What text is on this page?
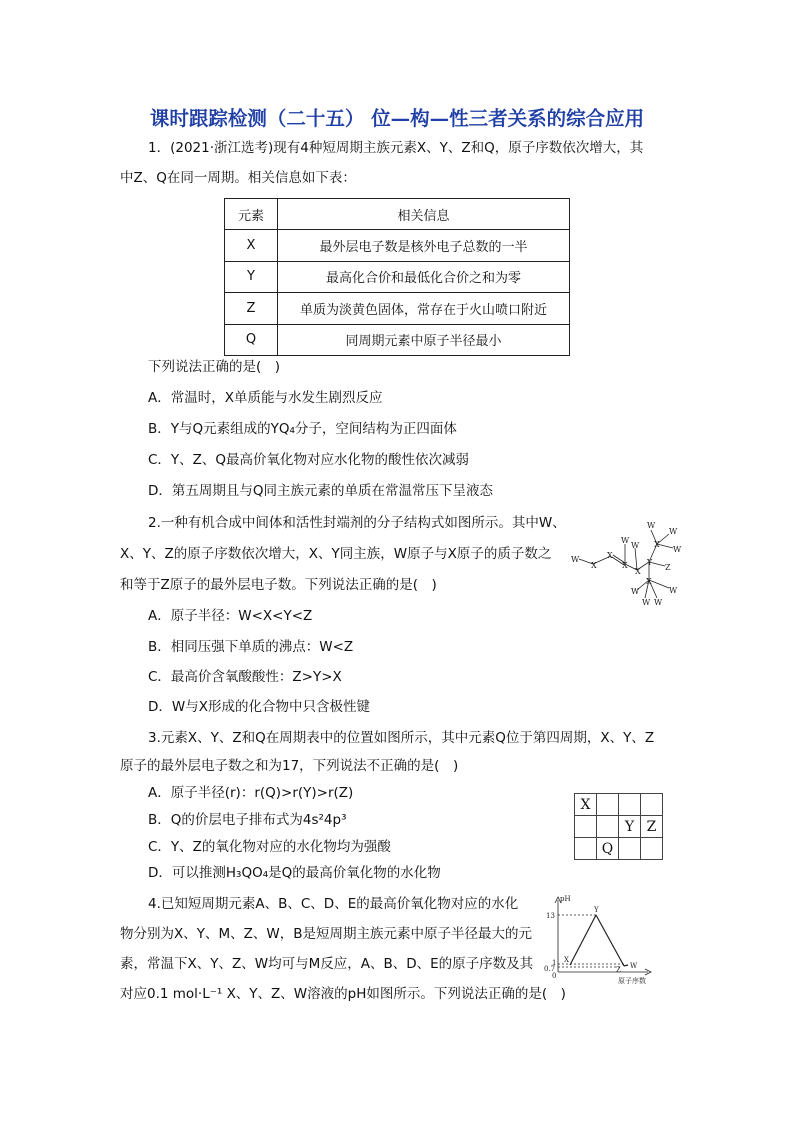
课时跟踪检测（二十五） 位—构—性三者关系的综合应用
1．(2021·浙江选考)现有4种短周期主族元素X、Y、Z和Q，原子序数依次增大，其
中Z、Q在同一周期。相关信息如下表：
元素	相关信息
X	最外层电子数是核外电子总数的一半
Y	最高化合价和最低化合价之和为零
Z	单质为淡黄色固体，常存在于火山喷口附近
Q	同周期元素中原子半径最小
下列说法正确的是(　)
A．常温时，X单质能与水发生剧烈反应
B．Y与Q元素组成的YQ₄分子，空间结构为正四面体
C．Y、Z、Q最高价氧化物对应水化物的酸性依次减弱
D．第五周期且与Q同主族元素的单质在常温常压下呈液态
2.一种有机合成中间体和活性封端剂的分子结构式如图所示。其中W、
X、Y、Z的原子序数依次增大，X、Y同主族，W原子与X原子的质子数之
和等于Z原子的最外层电子数。下列说法正确的是(　)
W
X
X
W
W
X
X
Y
X
W
W
W
Z
X
W
W W
W
A．原子半径：W<X<Y<Z
B．相同压强下单质的沸点：W<Z
C．最高价含氧酸酸性：Z>Y>X
D．W与X形成的化合物中只含极性键
3.元素X、Y、Z和Q在周期表中的位置如图所示，其中元素Q位于第四周期，X、Y、Z
原子的最外层电子数之和为17，下列说法不正确的是(　)
A．原子半径(r)：r(Q)>r(Y)>r(Z)
B．Q的价层电子排布式为4s²4p³
C．Y、Z的氧化物对应的水化物均为强酸
D．可以推测H₃QO₄是Q的最高价氧化物的水化物
X			
		Y	Z
	Q		
4.已知短周期元素A、B、C、D、E的最高价氧化物对应的水化
物分别为X、Y、M、Z、W，B是短周期主族元素中原子半径最大的元
素，常温下X、Y、Z、W均可与M反应，A、B、D、E的原子序数及其
对应0.1 mol·L⁻¹ X、Y、Z、W溶液的pH如图所示。下列说法正确的是(　)
pH
13
1
0.7
0
X
Y
Z W
原子序数
